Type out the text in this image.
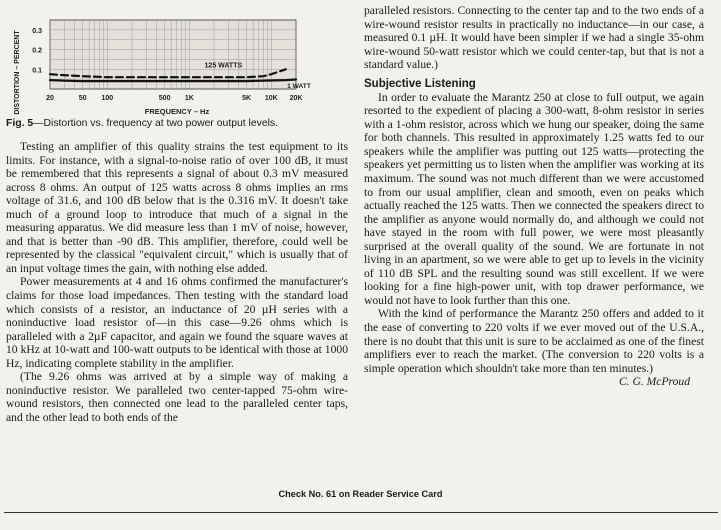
0.1
0.2
0.3
20	50 100	500 1K	5K 10K 20K
FREQUENCY – Hz
DISTORTION – PERCENT	125 WATTS
1 WATT
Fig. 5—Distortion vs. frequency at two power output levels.

Testing an amplifier of this quality strains the test equipment to its limits. For instance, with a signal-to-noise ratio of over 100 dB, it must be remembered that this represents a signal of about 0.3 mV measured across 8 ohms. An output of 125 watts across 8 ohms implies an rms voltage of 31.6, and 100 dB below that is the 0.316 mV. It doesn't take much of a ground loop to introduce that much of a signal in the measuring apparatus. We did measure less than 1 mV of noise, however, and that is better than -90 dB. This amplifier, therefore, could well be represented by the classical "equivalent circuit," which is usually that of an input voltage times the gain, with nothing else added.

Power measurements at 4 and 16 ohms confirmed the manufacturer's claims for those load impedances. Then testing with the standard load which consists of a resistor, an inductance of 20 µH series with a noninductive load resistor of—in this case—9.26 ohms which is paralleled with a 2µF capacitor, and again we found the square waves at 10 kHz at 10-watt and 100-watt outputs to be identical with those at 1000 Hz, indicating complete stability in the amplifier.

(The 9.26 ohms was arrived at by a simple way of making a noninductive resistor. We paralleled two center-tapped 75-ohm wire-wound resistors, then connected one lead to the paralleled center taps, and the other lead to both ends of the

paralleled resistors. Connecting to the center tap and to the two ends of a wire-wound resistor results in practically no inductance—in our case, a measured 0.1 µH. It would have been simpler if we had a single 35-ohm wire-wound 50-watt resistor which we could center-tap, but that is not a standard value.)

Subjective Listening

In order to evaluate the Marantz 250 at close to full output, we again resorted to the expedient of placing a 300-watt, 8-ohm resistor in series with a 1-ohm resistor, across which we hung our speaker, doing the same for both channels. This resulted in approximately 1.25 watts fed to our speakers while the amplifier was putting out 125 watts—protecting the speakers yet permitting us to listen when the amplifier was working at its maximum. The sound was not much different than we were accustomed to from our usual amplifier, clean and smooth, even on peaks which actually reached the 125 watts. Then we connected the speakers direct to the amplifier as anyone would normally do, and although we could not have stayed in the room with full power, we were most pleasantly surprised at the overall quality of the sound. We are fortunate in not living in an apartment, so we were able to get up to levels in the vicinity of 110 dB SPL and the resulting sound was still excellent. If we were looking for a fine high-power unit, with top drawer performance, we would not have to look further than this one.

With the kind of performance the Marantz 250 offers and added to it the ease of converting to 220 volts if we ever moved out of the U.S.A., there is no doubt that this unit is sure to be acclaimed as one of the finest amplifiers ever to reach the market. (The conversion to 220 volts is a simple operation which shouldn't take more than ten minutes.)

C. G. McProud
Check No. 61 on Reader Service Card
